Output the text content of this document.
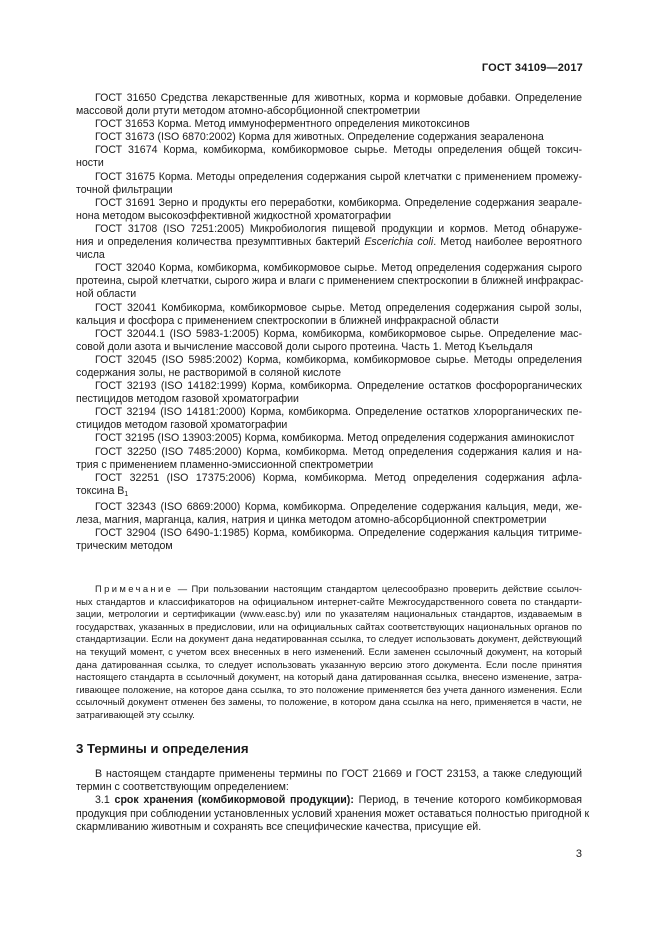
ГОСТ 34109—2017
ГОСТ 31650 Средства лекарственные для животных, корма и кормовые добавки. Определение
массовой доли ртути методом атомно-абсорбционной спектрометрии
ГОСТ 31653 Корма. Метод иммуноферментного определения микотоксинов
ГОСТ 31673 (ISO 6870:2002) Корма для животных. Определение содержания зеараленона
ГОСТ 31674 Корма, комбикорма, комбикормовое сырье. Методы определения общей токсич-
ности
ГОСТ 31675 Корма. Методы определения содержания сырой клетчатки с применением промежу-
точной фильтрации
ГОСТ 31691 Зерно и продукты его переработки, комбикорма. Определение содержания зеарале-
нона методом высокоэффективной жидкостной хроматографии
ГОСТ 31708 (ISO 7251:2005) Микробиология пищевой продукции и кормов. Метод обнаруже-
ния и определения количества презумптивных бактерий Escerichia coli. Метод наиболее вероятного
числа
ГОСТ 32040 Корма, комбикорма, комбикормовое сырье. Метод определения содержания сырого
протеина, сырой клетчатки, сырого жира и влаги с применением спектроскопии в ближней инфракрас-
ной области
ГОСТ 32041 Комбикорма, комбикормовое сырье. Метод определения содержания сырой золы,
кальция и фосфора с применением спектроскопии в ближней инфракрасной области
ГОСТ 32044.1 (ISO 5983-1:2005) Корма, комбикорма, комбикормовое сырье. Определение мас-
совой доли азота и вычисление массовой доли сырого протеина. Часть 1. Метод Къельдаля
ГОСТ 32045 (ISO 5985:2002) Корма, комбикорма, комбикормовое сырье. Методы определения
содержания золы, не растворимой в соляной кислоте
ГОСТ 32193 (ISO 14182:1999) Корма, комбикорма. Определение остатков фосфорорганических
пестицидов методом газовой хроматографии
ГОСТ 32194 (ISO 14181:2000) Корма, комбикорма. Определение остатков хлорорганических пе-
стицидов методом газовой хроматографии
ГОСТ 32195 (ISO 13903:2005) Корма, комбикорма. Метод определения содержания аминокислот
ГОСТ 32250 (ISO 7485:2000) Корма, комбикорма. Метод определения содержания калия и на-
трия с применением пламенно-эмиссионной спектрометрии
ГОСТ 32251 (ISO 17375:2006) Корма, комбикорма. Метод определения содержания афла-
токсина $B_1$
ГОСТ 32343 (ISO 6869:2000) Корма, комбикорма. Определение содержания кальция, меди, же-
леза, магния, марганца, калия, натрия и цинка методом атомно-абсорбционной спектрометрии
ГОСТ 32904 (ISO 6490-1:1985) Корма, комбикорма. Определение содержания кальция титриме-
трическим методом
Примечание — При пользовании настоящим стандартом целесообразно проверить действие ссылоч-
ных стандартов и классификаторов на официальном интернет-сайте Межгосударственного совета по стандарти-
зации, метрологии и сертификации (www.easc.by) или по указателям национальных стандартов, издаваемым в
государствах, указанных в предисловии, или на официальных сайтах соответствующих национальных органов по
стандартизации. Если на документ дана недатированная ссылка, то следует использовать документ, действующий
на текущий момент, с учетом всех внесенных в него изменений. Если заменен ссылочный документ, на который
дана датированная ссылка, то следует использовать указанную версию этого документа. Если после принятия
настоящего стандарта в ссылочный документ, на который дана датированная ссылка, внесено изменение, затра-
гивающее положение, на которое дана ссылка, то это положение применяется без учета данного изменения. Если
ссылочный документ отменен без замены, то положение, в котором дана ссылка на него, применяется в части, не
затрагивающей эту ссылку.
3 Термины и определения
В настоящем стандарте применены термины по ГОСТ 21669 и ГОСТ 23153, а также следующий
термин с соответствующим определением:
3.1 срок хранения (комбикормовой продукции): Период, в течение которого комбикормовая
продукция при соблюдении установленных условий хранения может оставаться полностью пригодной к
скармливанию животным и сохранять все специфические качества, присущие ей.
3
